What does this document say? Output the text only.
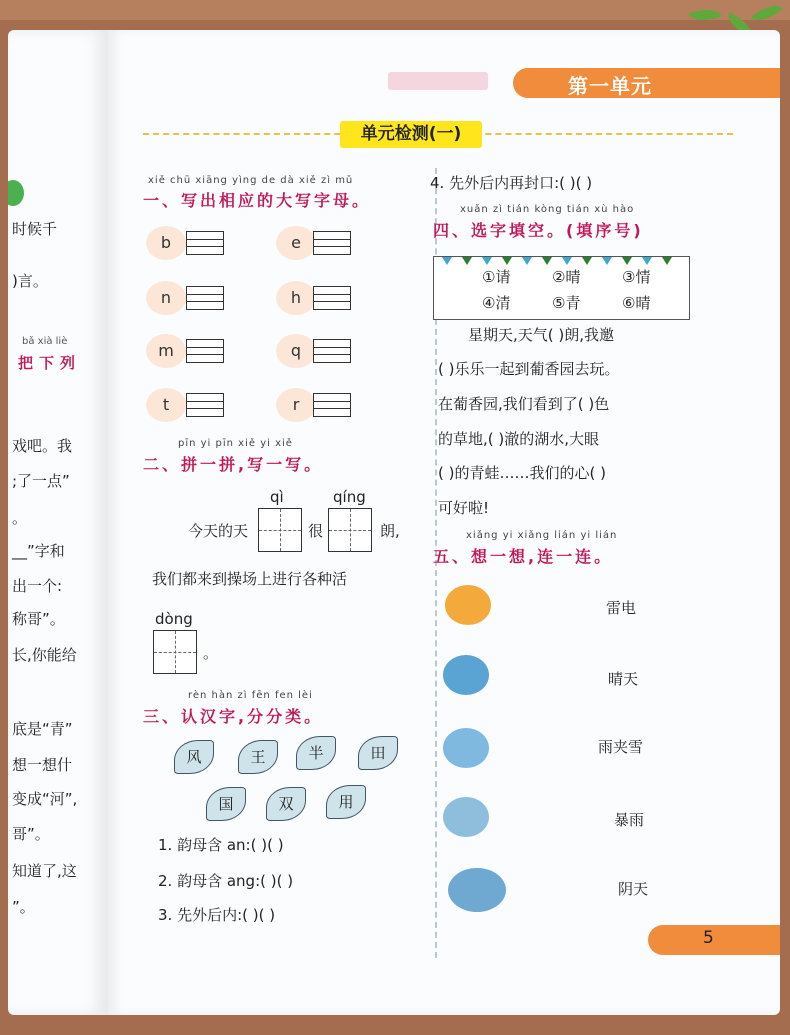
时候千
)言。
bǎ xià liè
把下列
戏吧。我
;了一点”
。
__”字和
出一个:
称哥”。
长,你能给
底是“青”
想一想什
变成“河”,
哥”。
知道了,这
”。
第一单元
单元检测(一)
xiě chū xiāng yìng de dà xiě zì mǔ
一、写出相应的大写字母。
b	e
n	h
m	q
t	r
pīn yi pīn xiě yi xiě
二、拼一拼,写一写。
qì	qíng
今天的天	很	朗,
我们都来到操场上进行各种活
dòng
。
rèn hàn zì fēn fen lèi
三、认汉字,分分类。
风	王	半	田
国	双	用
1. 韵母含 an:( )( )
2. 韵母含 ang:( )( )
3. 先外后内:( )( )
4. 先外后内再封口:( )( )
xuǎn zì tián kòng tián xù hào
四、选字填空。(填序号)
①请	②晴	③情
④清	⑤青	⑥晴
星期天,天气( )朗,我邀
( )乐乐一起到葡香园去玩。
在葡香园,我们看到了( )色
的草地,( )澈的湖水,大眼
( )的青蛙……我们的心( )
可好啦!
xiǎng yi xiǎng lián yi lián
五、想一想,连一连。
雷电
晴天
雨夹雪
暴雨
阴天
5
